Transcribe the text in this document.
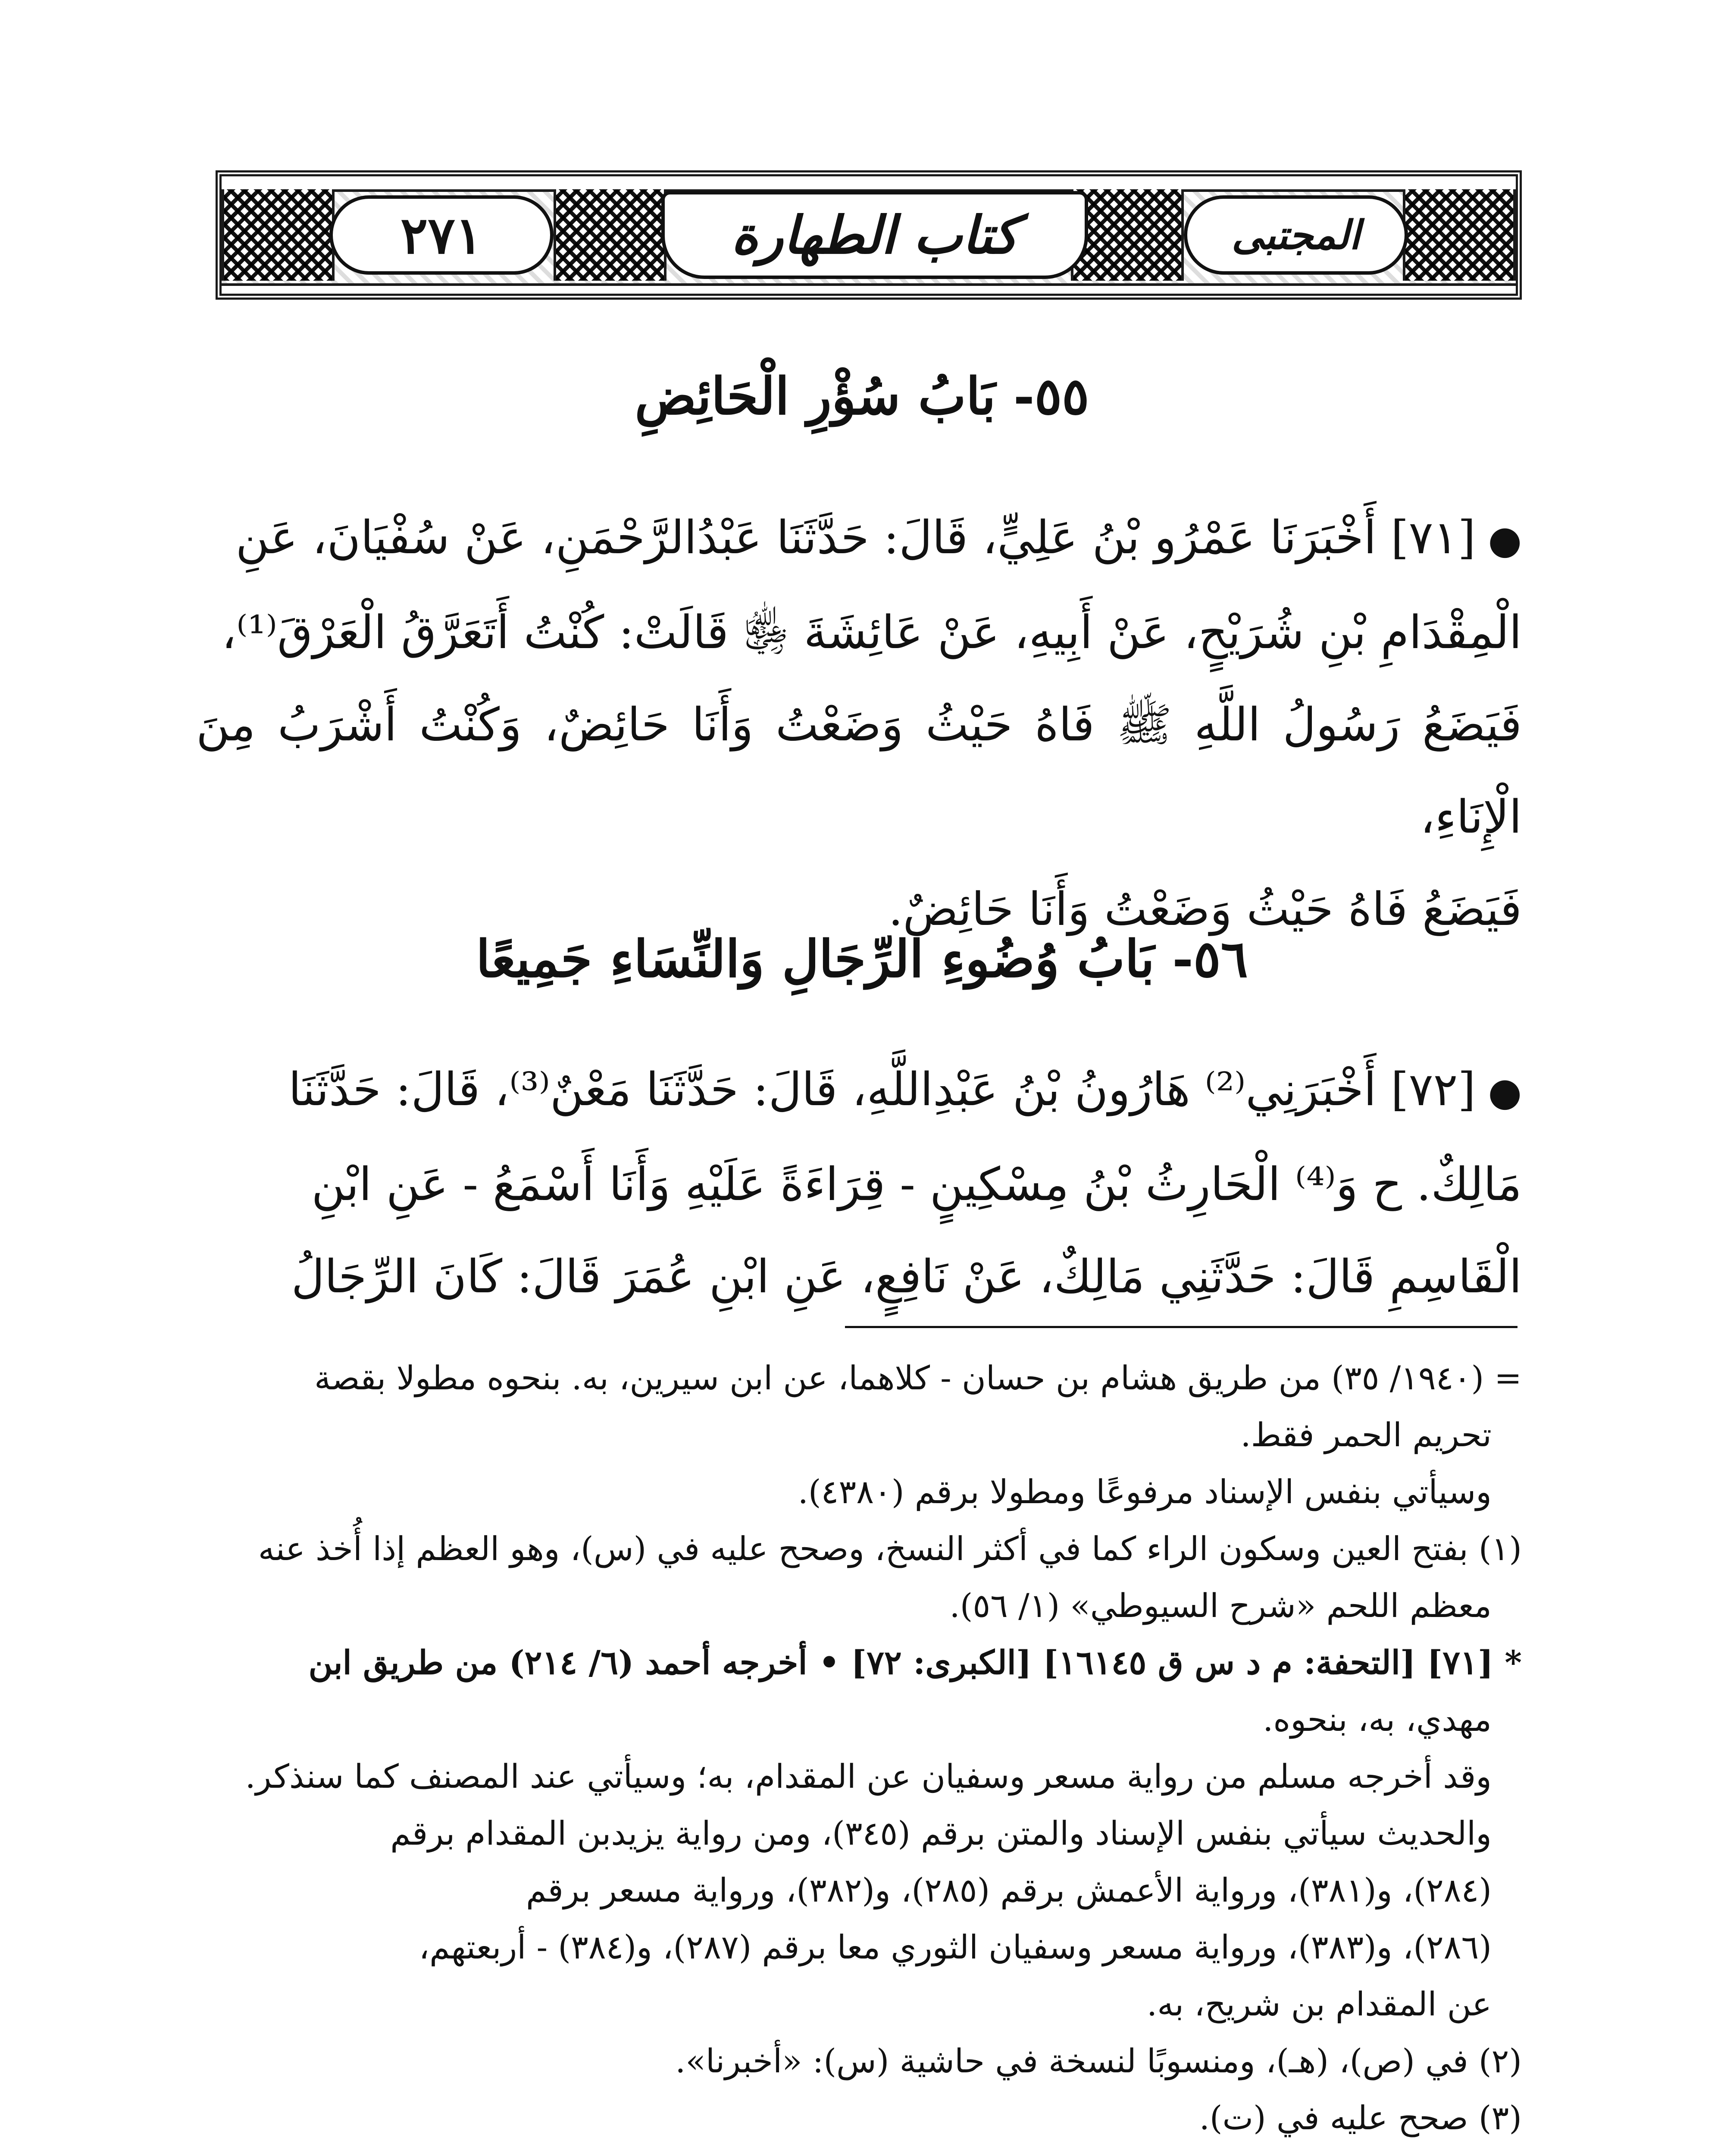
٢٧١	كتاب الطهارة	المجتبى
٥٥- بَابُ سُؤْرِ الْحَائِضِ

● [٧١] أَخْبَرَنَا عَمْرُو بْنُ عَلِيٍّ، قَالَ: حَدَّثَنَا عَبْدُالرَّحْمَنِ، عَنْ سُفْيَانَ، عَنِ

الْمِقْدَامِ بْنِ شُرَيْحٍ، عَنْ أَبِيهِ، عَنْ عَائِشَةَ ﵂ قَالَتْ: كُنْتُ أَتَعَرَّقُ الْعَرْقَ⁽¹⁾،

فَيَضَعُ رَسُولُ اللَّهِ ﷺ فَاهُ حَيْثُ وَضَعْتُ وَأَنَا حَائِضٌ، وَكُنْتُ أَشْرَبُ مِنَ الْإِنَاءِ،

فَيَضَعُ فَاهُ حَيْثُ وَضَعْتُ وَأَنَا حَائِضٌ.

٥٦- بَابُ وُضُوءِ الرِّجَالِ وَالنِّسَاءِ جَمِيعًا

● [٧٢] أَخْبَرَنِي⁽²⁾ هَارُونُ بْنُ عَبْدِاللَّهِ، قَالَ: حَدَّثَنَا مَعْنٌ⁽³⁾، قَالَ: حَدَّثَنَا

مَالِكٌ. ح وَ⁽⁴⁾ الْحَارِثُ بْنُ مِسْكِينٍ - قِرَاءَةً عَلَيْهِ وَأَنَا أَسْمَعُ - عَنِ ابْنِ

الْقَاسِمِ قَالَ: حَدَّثَنِي مَالِكٌ، عَنْ نَافِعٍ، عَنِ ابْنِ عُمَرَ قَالَ: كَانَ الرِّجَالُ

= (١٩٤٠/ ٣٥) من طريق هشام بن حسان - كلاهما، عن ابن سيرين، به. بنحوه مطولا بقصة

تحريم الحمر فقط.

وسيأتي بنفس الإسناد مرفوعًا ومطولا برقم (٤٣٨٠).

(١) بفتح العين وسكون الراء كما في أكثر النسخ، وصحح عليه في (س)، وهو العظم إذا أُخذ عنه

معظم اللحم «شرح السيوطي» (١/ ٥٦).

* [٧١] [التحفة: م د س ق ١٦١٤٥] [الكبرى: ٧٢] • أخرجه أحمد (٦/ ٢١٤) من طريق ابن

مهدي، به، بنحوه.

وقد أخرجه مسلم من رواية مسعر وسفيان عن المقدام، به؛ وسيأتي عند المصنف كما سنذكر.

والحديث سيأتي بنفس الإسناد والمتن برقم (٣٤٥)، ومن رواية يزيدبن المقدام برقم

(٢٨٤)، و(٣٨١)، ورواية الأعمش برقم (٢٨٥)، و(٣٨٢)، ورواية مسعر برقم

(٢٨٦)، و(٣٨٣)، ورواية مسعر وسفيان الثوري معا برقم (٢٨٧)، و(٣٨٤) - أربعتهم،

عن المقدام بن شريح، به.

(٢) في (ص)، (هـ)، ومنسوبًا لنسخة في حاشية (س): «أخبرنا».

(٣) صحح عليه في (ت).
